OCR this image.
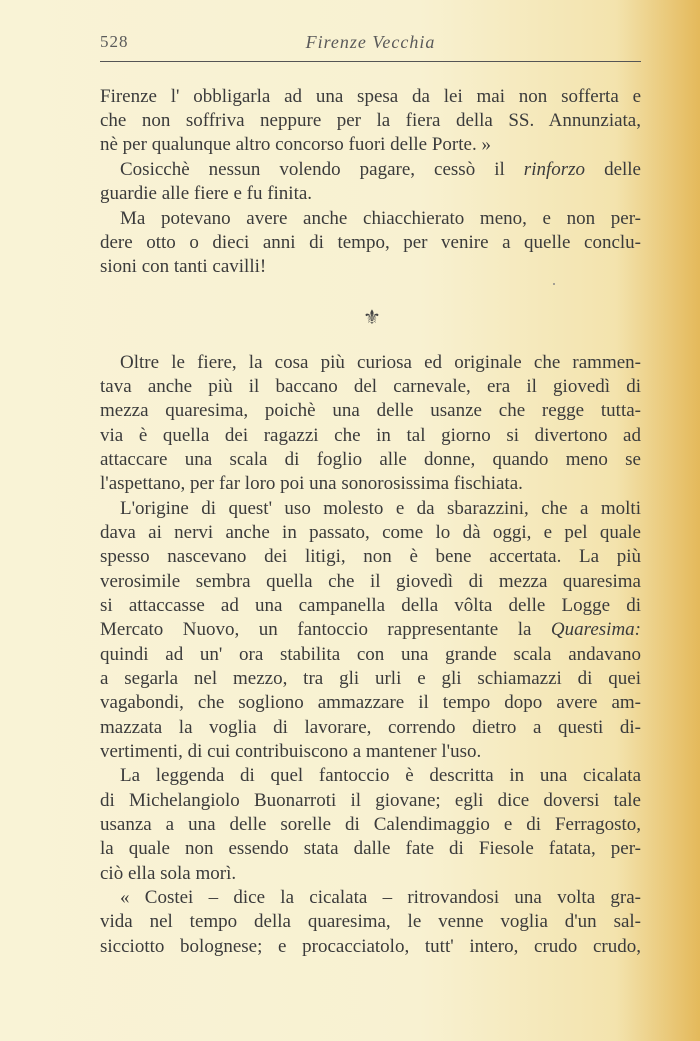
528	Firenze Vecchia
Firenze l' obbligarla ad una spesa da lei mai non sofferta e
che non soffriva neppure per la fiera della SS. Annunziata,
nè per qualunque altro concorso fuori delle Porte. »
Cosicchè nessun volendo pagare, cessò il rinforzo delle
guardie alle fiere e fu finita.
Ma potevano avere anche chiacchierato meno, e non per-
dere otto o dieci anni di tempo, per venire a quelle conclu-
sioni con tanti cavilli!
⚜
Oltre le fiere, la cosa più curiosa ed originale che rammen-
tava anche più il baccano del carnevale, era il giovedì di
mezza quaresima, poichè una delle usanze che regge tutta-
via è quella dei ragazzi che in tal giorno si divertono ad
attaccare una scala di foglio alle donne, quando meno se
l'aspettano, per far loro poi una sonorosissima fischiata.
L'origine di quest' uso molesto e da sbarazzini, che a molti
dava ai nervi anche in passato, come lo dà oggi, e pel quale
spesso nascevano dei litigi, non è bene accertata. La più
verosimile sembra quella che il giovedì di mezza quaresima
si attaccasse ad una campanella della vôlta delle Logge di
Mercato Nuovo, un fantoccio rappresentante la Quaresima:
quindi ad un' ora stabilita con una grande scala andavano
a segarla nel mezzo, tra gli urli e gli schiamazzi di quei
vagabondi, che sogliono ammazzare il tempo dopo avere am-
mazzata la voglia di lavorare, correndo dietro a questi di-
vertimenti, di cui contribuiscono a mantener l'uso.
La leggenda di quel fantoccio è descritta in una cicalata
di Michelangiolo Buonarroti il giovane; egli dice doversi tale
usanza a una delle sorelle di Calendimaggio e di Ferragosto,
la quale non essendo stata dalle fate di Fiesole fatata, per-
ciò ella sola morì.
« Costei – dice la cicalata – ritrovandosi una volta gra-
vida nel tempo della quaresima, le venne voglia d'un sal-
sicciotto bolognese; e procacciatolo, tutt' intero, crudo crudo,
